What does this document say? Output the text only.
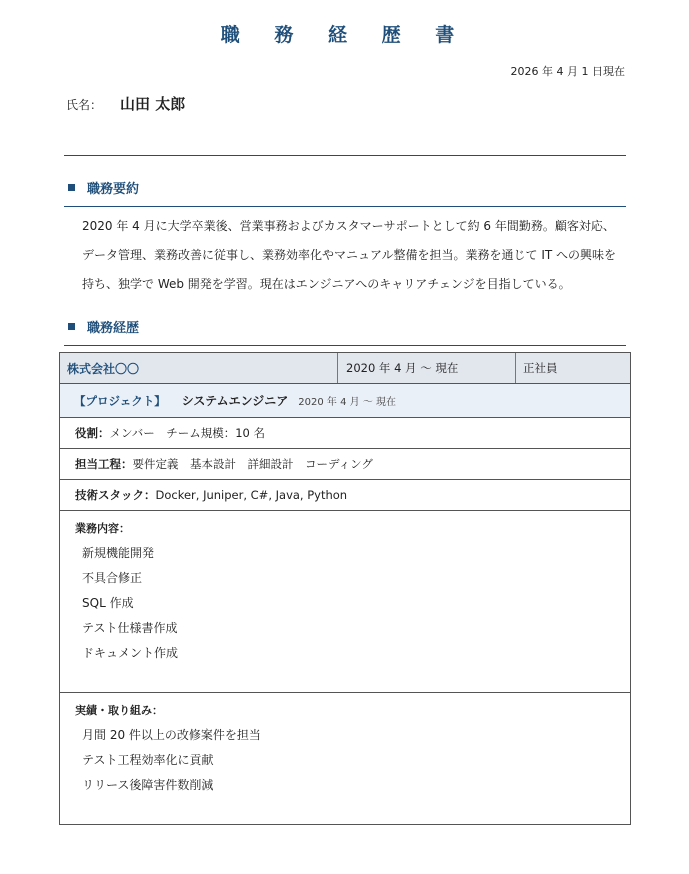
職 務 経 歴 書
2026 年 4 月 1 日現在
氏名： 山田 太郎
職務要約
2020 年 4 月に大学卒業後、営業事務およびカスタマーサポートとして約 6 年間勤務。顧客対応、
データ管理、業務改善に従事し、業務効率化やマニュアル整備を担当。業務を通じて IT への興味を
持ち、独学で Web 開発を学習。現在はエンジニアへのキャリアチェンジを目指している。
職務経歴
株式会社〇〇	2020 年 4 月 ～ 現在	正社員
【プロジェクト】 システムエンジニア 2020 年 4 月 ～ 現在
役割： メンバー　チーム規模：10 名
担当工程： 要件定義　基本設計　詳細設計　コーディング
技術スタック： Docker, Juniper, C#, Java, Python
業務内容：
新規機能開発
不具合修正
SQL 作成
テスト仕様書作成
ドキュメント作成
実績・取り組み：
月間 20 件以上の改修案件を担当
テスト工程効率化に貢献
リリース後障害件数削減
